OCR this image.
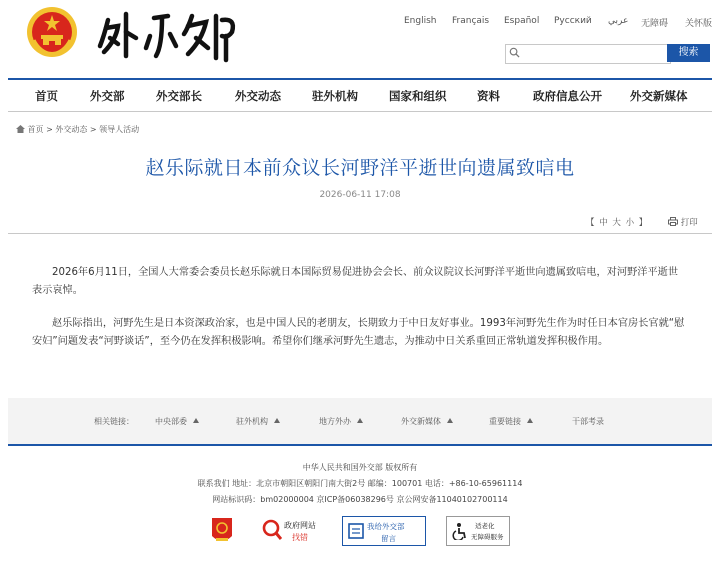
English Français Español Русский عربي 无障碍 关怀版
搜索
首页	外交部	外交部长	外交动态	驻外机构	国家和组织	资料	政府信息公开 外交新媒体
首页 > 外交动态 > 领导人活动
赵乐际就日本前众议长河野洋平逝世向遗属致唁电
2026-06-11 17:08
【 中 大 小 】	打印
2026年6月11日，全国人大常委会委员长赵乐际就日本国际贸易促进协会会长、前众议院议长河野洋平逝世向遗属致唁电，对河野洋平逝世表示哀悼。
赵乐际指出，河野先生是日本资深政治家，也是中国人民的老朋友，长期致力于中日友好事业。1993年河野先生作为时任日本官房长官就“慰安妇”问题发表“河野谈话”，至今仍在发挥积极影响。希望你们继承河野先生遗志，为推动中日关系重回正常轨道发挥积极作用。
相关链接：	中央部委	驻外机构	地方外办	外交新媒体	重要链接	干部考录
中华人民共和国外交部 版权所有
联系我们 地址：北京市朝阳区朝阳门南大街2号 邮编：100701 电话：+86-10-65961114
网站标识码：bm02000004 京ICP备06038296号 京公网安备11040102700114
政府网站
找错
我给外交部
留言
适老化
无障碍服务
